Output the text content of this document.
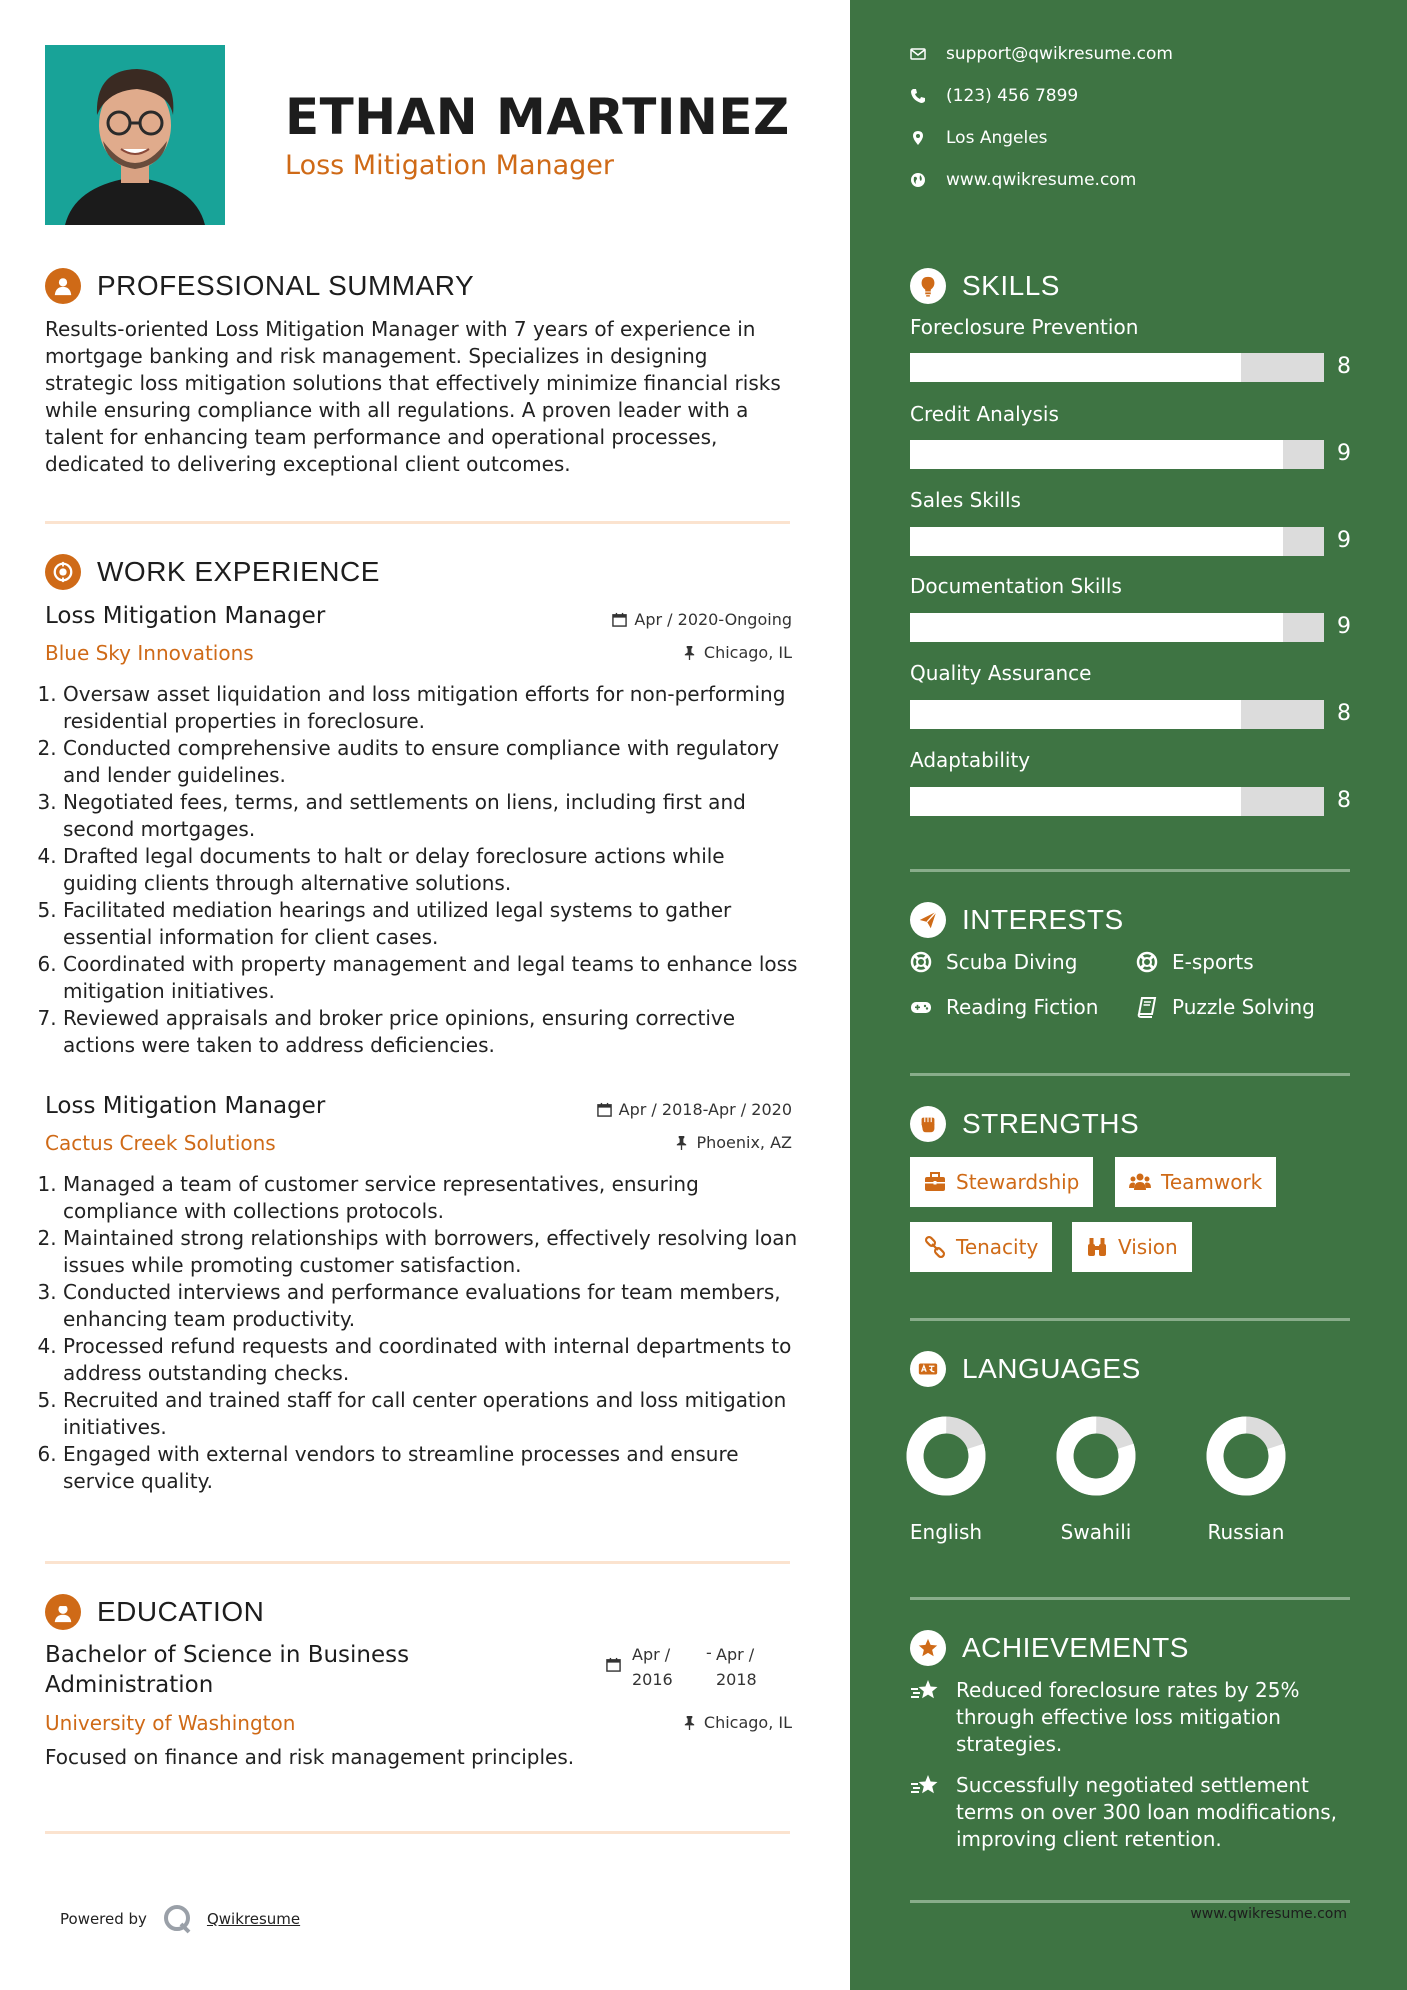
ETHAN MARTINEZ
Loss Mitigation Manager
PROFESSIONAL SUMMARY

Results-oriented Loss Mitigation Manager with 7 years of experience in mortgage banking and risk management. Specializes in designing strategic loss mitigation solutions that effectively minimize financial risks while ensuring compliance with all regulations. A proven leader with a talent for enhancing team performance and operational processes, dedicated to delivering exceptional client outcomes.

WORK EXPERIENCE
Loss Mitigation Manager	Apr / 2020-Ongoing
Blue Sky Innovations	Chicago, IL
1. Oversaw asset liquidation and loss mitigation efforts for non-performing residential properties in foreclosure.
2. Conducted comprehensive audits to ensure compliance with regulatory and lender guidelines.
3. Negotiated fees, terms, and settlements on liens, including first and second mortgages.
4. Drafted legal documents to halt or delay foreclosure actions while guiding clients through alternative solutions.
5. Facilitated mediation hearings and utilized legal systems to gather essential information for client cases.
6. Coordinated with property management and legal teams to enhance loss mitigation initiatives.
7. Reviewed appraisals and broker price opinions, ensuring corrective actions were taken to address deficiencies.
Loss Mitigation Manager	Apr / 2018-Apr / 2020
Cactus Creek Solutions	Phoenix, AZ
1. Managed a team of customer service representatives, ensuring compliance with collections protocols.
2. Maintained strong relationships with borrowers, effectively resolving loan issues while promoting customer satisfaction.
3. Conducted interviews and performance evaluations for team members, enhancing team productivity.
4. Processed refund requests and coordinated with internal departments to address outstanding checks.
5. Recruited and trained staff for call center operations and loss mitigation initiatives.
6. Engaged with external vendors to streamline processes and ensure service quality.
EDUCATION
Bachelor of Science in Business Administration
Apr / 2016
- Apr / 2018
University of Washington	Chicago, IL
Focused on finance and risk management principles.
Powered by	Qwikresume
support@qwikresume.com
(123) 456 7899
Los Angeles
www.qwikresume.com
SKILLS
Foreclosure Prevention
8
Credit Analysis
9
Sales Skills
9
Documentation Skills
9
Quality Assurance
8
Adaptability
8
INTERESTS
Scuba Diving	E-sports
Reading Fiction	Puzzle Solving
STRENGTHS
Stewardship	Teamwork
Tenacity	Vision
LANGUAGES
English	Swahili	Russian
ACHIEVEMENTS
Reduced foreclosure rates by 25% through effective loss mitigation strategies.
Successfully negotiated settlement terms on over 300 loan modifications, improving client retention.
www.qwikresume.com
